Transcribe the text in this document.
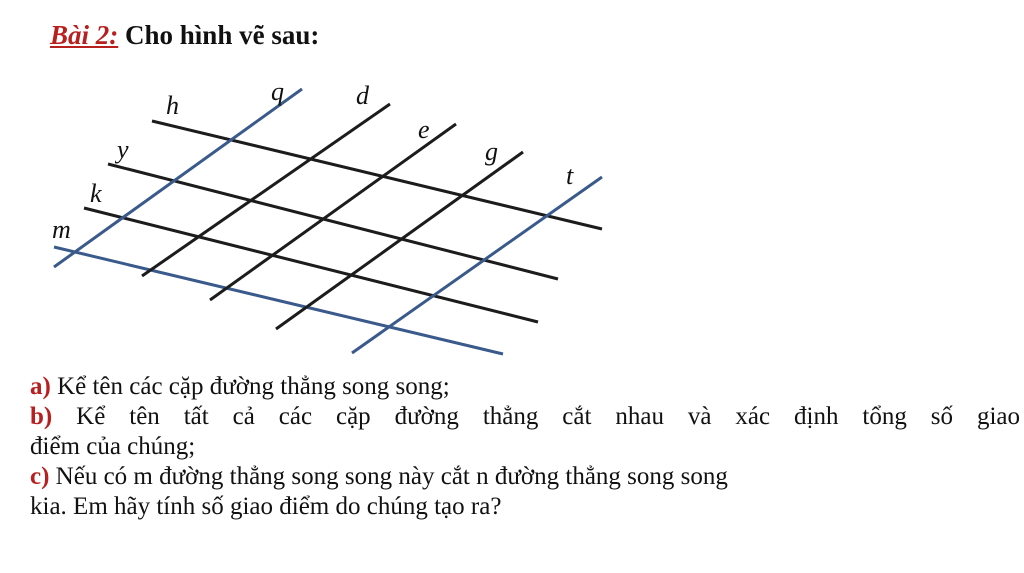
Bài 2: Cho hình vẽ sau:
h
y
k
m
q	d
e
g
t

a) Kể tên các cặp đường thẳng song song;

b) Kể tên tất cả các cặp đường thẳng cắt nhau và xác định tổng số giao

điểm của chúng;

c) Nếu có m đường thẳng song song này cắt n đường thẳng song song

kia. Em hãy tính số giao điểm do chúng tạo ra?
